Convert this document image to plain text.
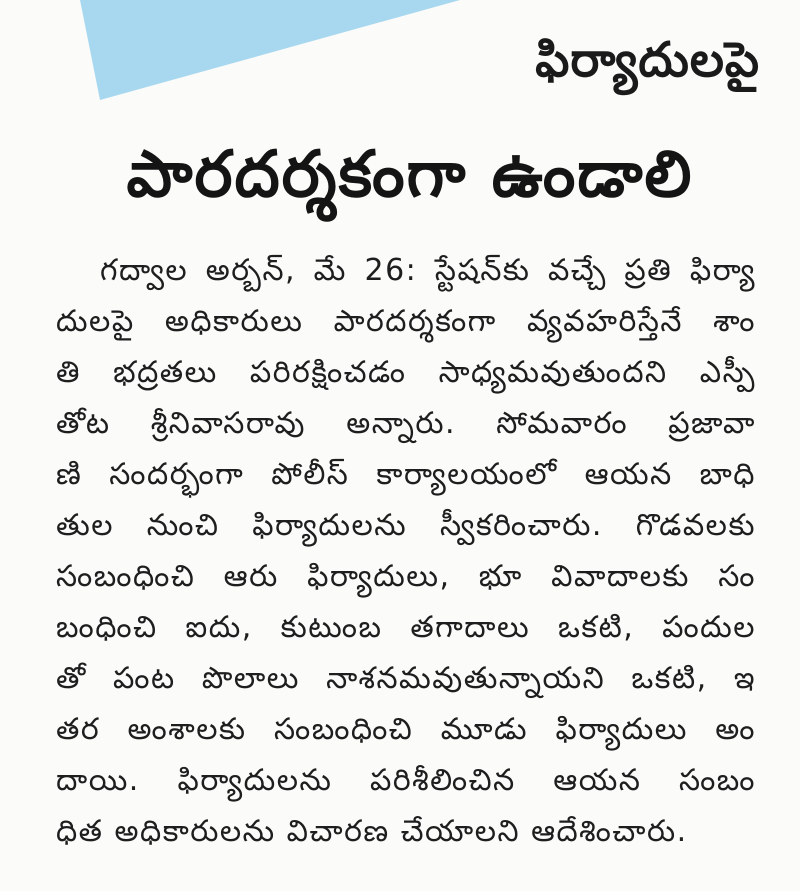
ఫిర్యాదులపై
పారదర్శకంగా ఉండాలి
గద్వాల అర్బన్, మే 26: స్టేషన్‌కు వచ్చే ప్రతి ఫిర్యా
దులపై అధికారులు పారదర్శకంగా వ్యవహరిస్తేనే శాం
తి భద్రతలు పరిరక్షించడం సాధ్యమవుతుందని ఎస్పీ
తోట శ్రీనివాసరావు అన్నారు. సోమవారం ప్రజావా
ణి సందర్భంగా పోలీస్ కార్యాలయంలో ఆయన బాధి
తుల నుంచి ఫిర్యాదులను స్వీకరించారు. గొడవలకు
సంబంధించి ఆరు ఫిర్యాదులు, భూ వివాదాలకు సం
బంధించి ఐదు, కుటుంబ తగాదాలు ఒకటి, పందుల
తో పంట పొలాలు నాశనమవుతున్నాయని ఒకటి, ఇ
తర అంశాలకు సంబంధించి మూడు ఫిర్యాదులు అం
దాయి. ఫిర్యాదులను పరిశీలించిన ఆయన సంబం
ధిత అధికారులను విచారణ చేయాలని ఆదేశించారు.
